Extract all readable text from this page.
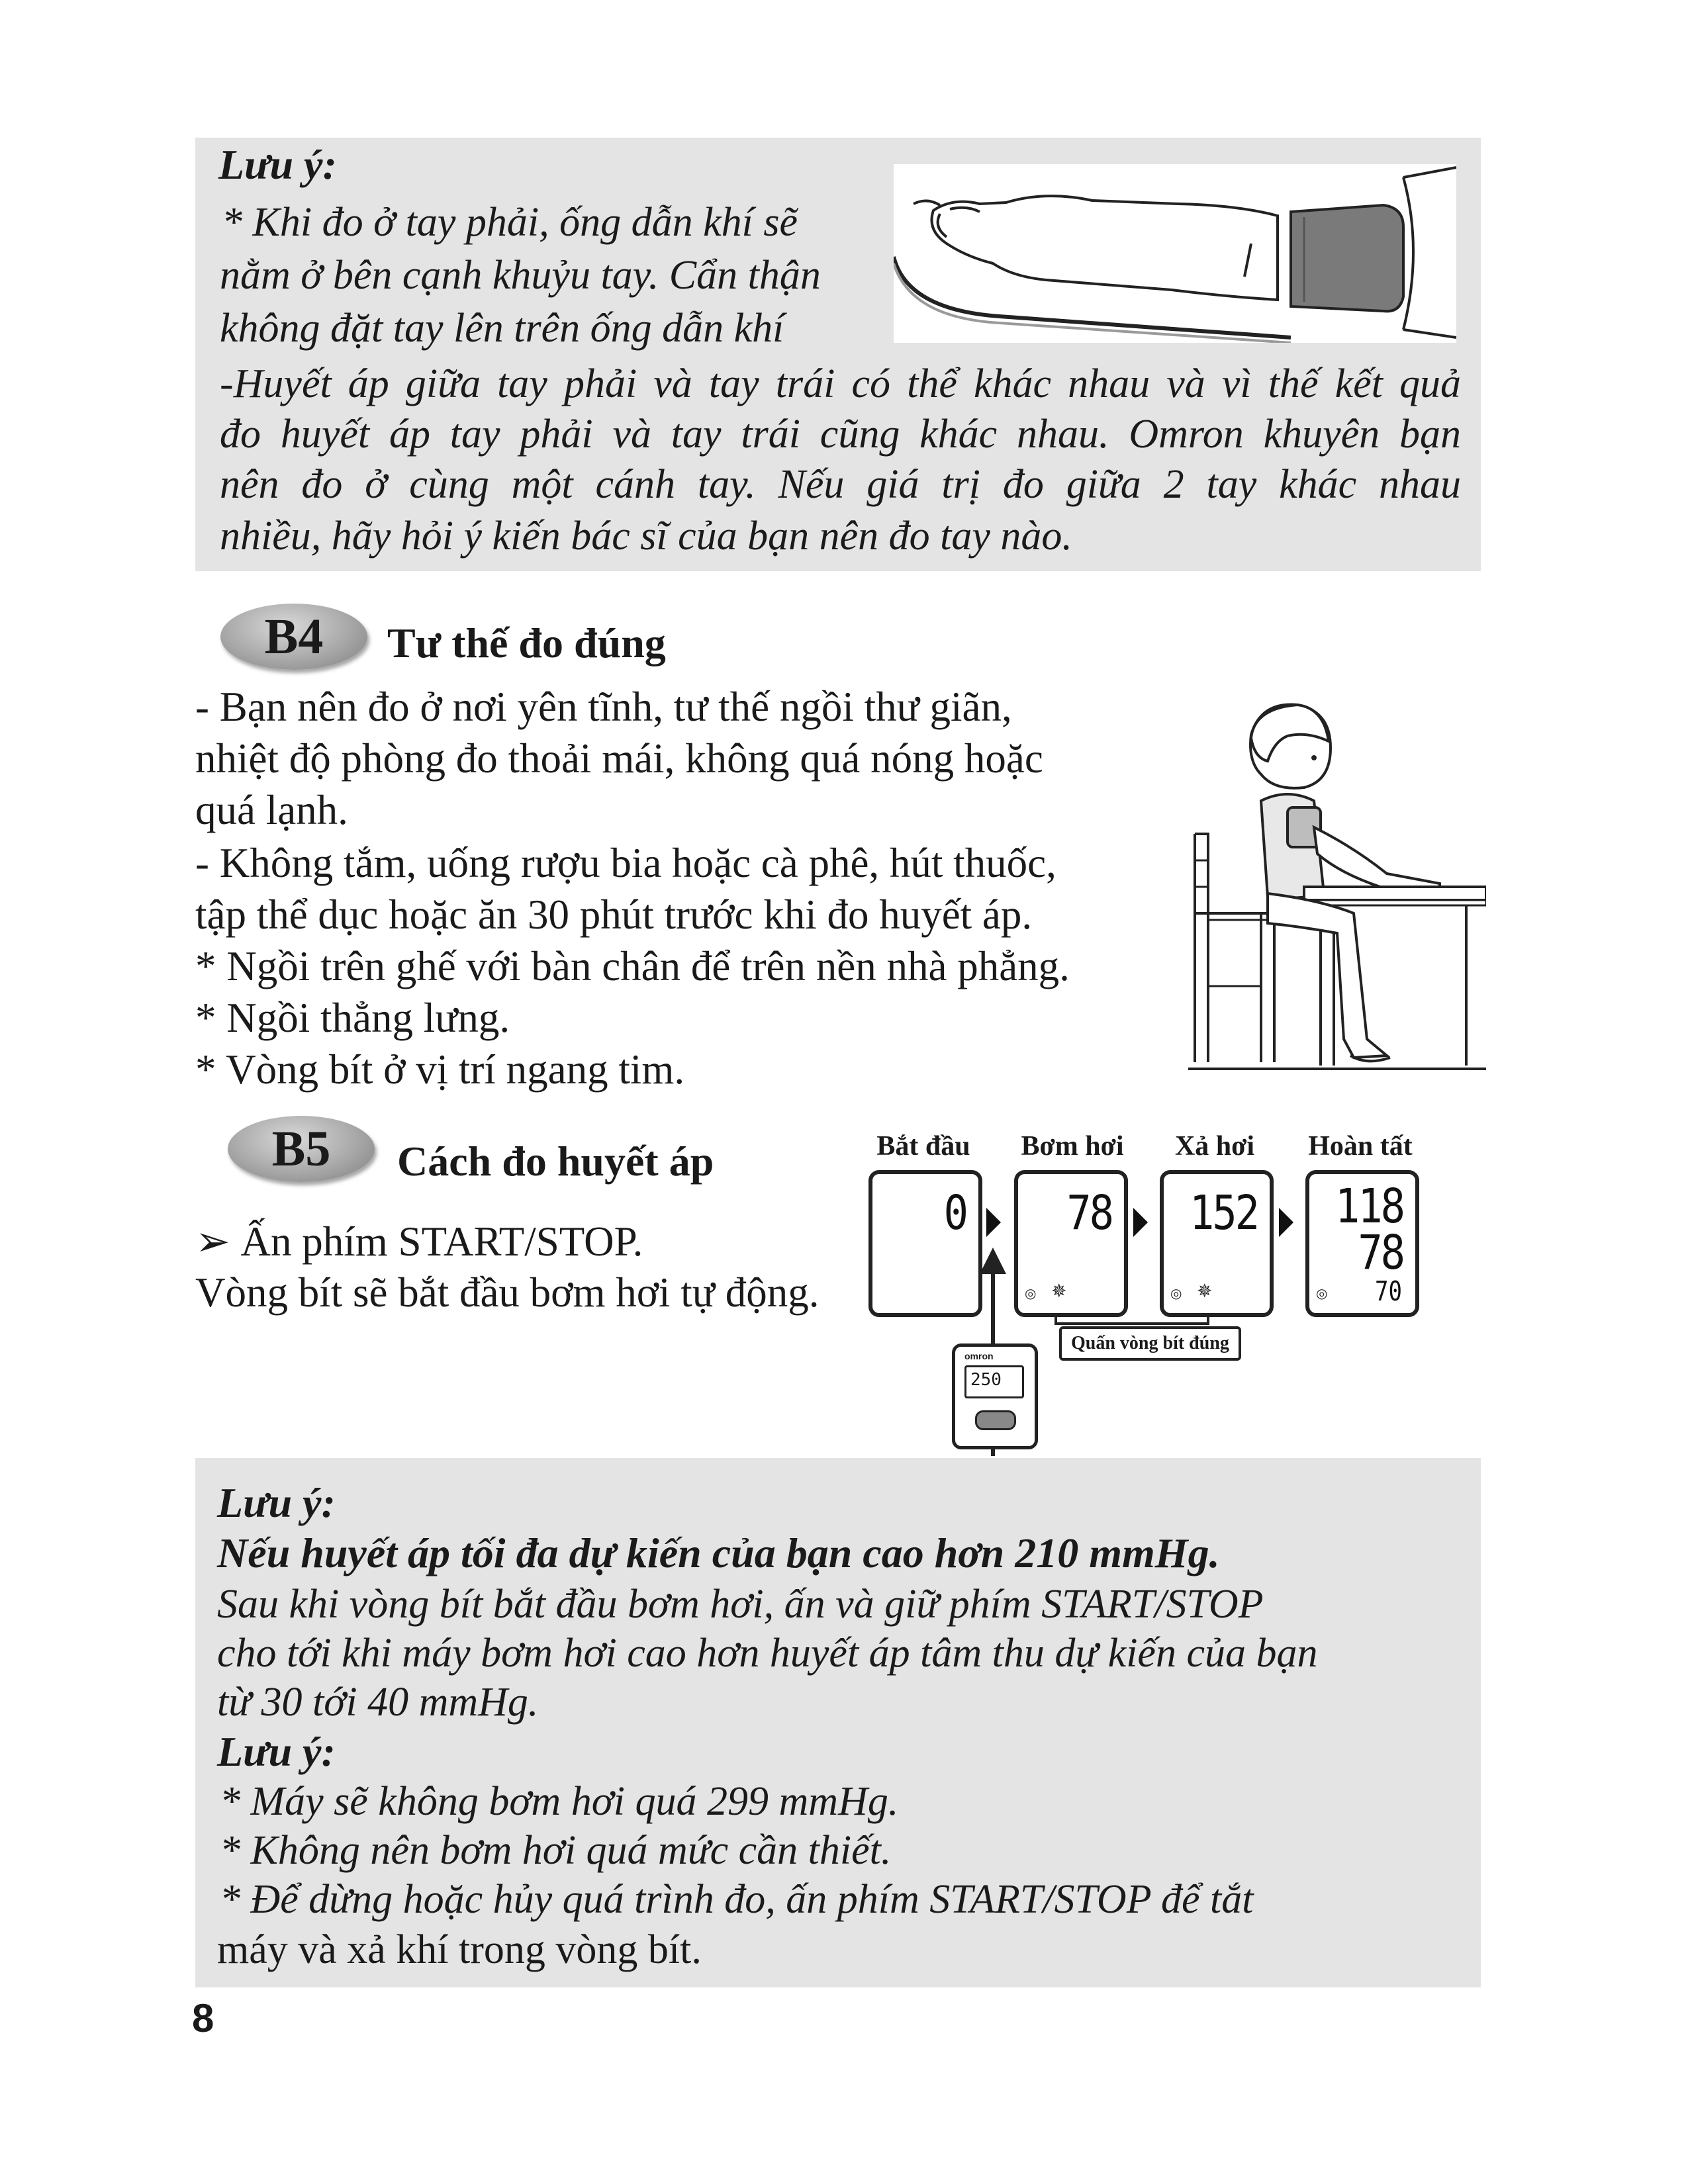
Lưu ý:
* Khi đo ở tay phải, ống dẫn khí sẽ
nằm ở bên cạnh khuỷu tay. Cẩn thận
không đặt tay lên trên ống dẫn khí
-Huyết áp giữa tay phải và tay trái có thể khác nhau và vì thế kết quả
đo huyết áp tay phải và tay trái cũng khác nhau. Omron khuyên bạn
nên đo ở cùng một cánh tay. Nếu giá trị đo giữa 2 tay khác nhau
nhiều, hãy hỏi ý kiến bác sĩ của bạn nên đo tay nào.
B4	Tư thế đo đúng
- Bạn nên đo ở nơi yên tĩnh, tư thế ngồi thư giãn,
nhiệt độ phòng đo thoải mái, không quá nóng hoặc
quá lạnh.
- Không tắm, uống rượu bia hoặc cà phê, hút thuốc,
tập thể dục hoặc ăn 30 phút trước khi đo huyết áp.
* Ngồi trên ghế với bàn chân để trên nền nhà phẳng.
* Ngồi thẳng lưng.
* Vòng bít ở vị trí ngang tim.
B5	Cách đo huyết áp
➢ Ấn phím START/STOP.
Vòng bít sẽ bắt đầu bơm hơi tự động.
Bắt đầu	Bơm hơi	Xả hơi	Hoàn tất
0 78
◎ ✵
152
◎ ✵
118
78
70
◎
Quấn vòng bít đúng
omron
250
Lưu ý:
Nếu huyết áp tối đa dự kiến của bạn cao hơn 210 mmHg.
Sau khi vòng bít bắt đầu bơm hơi, ấn và giữ phím START/STOP
cho tới khi máy bơm hơi cao hơn huyết áp tâm thu dự kiến của bạn
từ 30 tới 40 mmHg.
Lưu ý:
* Máy sẽ không bơm hơi quá 299 mmHg.
* Không nên bơm hơi quá mức cần thiết.
* Để dừng hoặc hủy quá trình đo, ấn phím START/STOP để tắt
máy và xả khí trong vòng bít.
8
